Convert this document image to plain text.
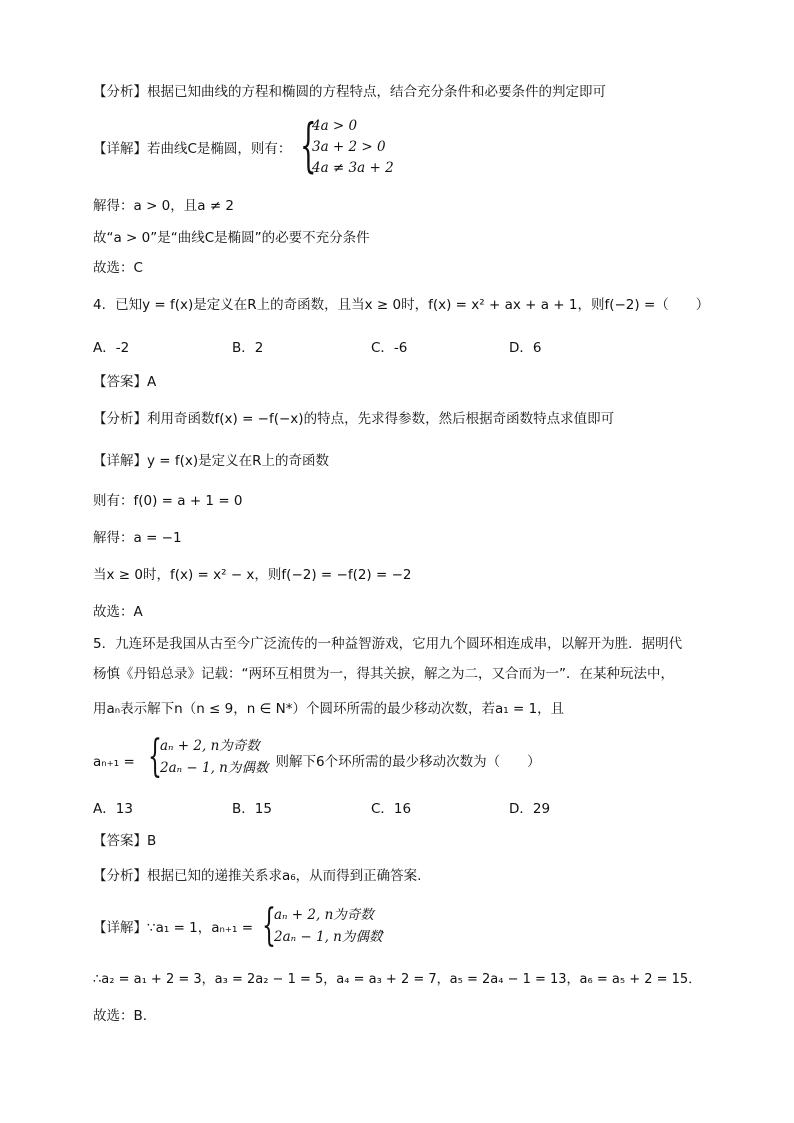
【分析】根据已知曲线的方程和椭圆的方程特点，结合充分条件和必要条件的判定即可
【详解】若曲线C是椭圆，则有： {
4a > 0
3a + 2 > 0
4a ≠ 3a + 2
解得：a > 0，且a ≠ 2
故“a > 0”是“曲线C是椭圆”的必要不充分条件
故选：C
4．已知y = f(x)是定义在R上的奇函数，且当x ≥ 0时，f(x) = x² + ax + a + 1，则f(−2) =（　　）
A．-2	B．2	C．-6	D．6
【答案】A
【分析】利用奇函数f(x) = −f(−x)的特点，先求得参数，然后根据奇函数特点求值即可
【详解】y = f(x)是定义在R上的奇函数
则有：f(0) = a + 1 = 0
解得：a = −1
当x ≥ 0时，f(x) = x² − x，则f(−2) = −f(2) = −2
故选：A
5．九连环是我国从古至今广泛流传的一种益智游戏，它用九个圆环相连成串，以解开为胜．据明代
杨慎《丹铅总录》记载：“两环互相贯为一，得其关捩，解之为二，又合而为一”．在某种玩法中，
用aₙ表示解下n（n ≤ 9，n ∈ N*）个圆环所需的最少移动次数，若a₁ = 1，且
aₙ₊₁ = {
aₙ + 2, n为奇数
2aₙ − 1, n为偶数
，则解下6个环所需的最少移动次数为（　　）
A．13	B．15	C．16	D．29
【答案】B
【分析】根据已知的递推关系求a₆，从而得到正确答案.
【详解】∵a₁ = 1，aₙ₊₁ = {
aₙ + 2, n为奇数
2aₙ − 1, n为偶数
，
∴a₂ = a₁ + 2 = 3，a₃ = 2a₂ − 1 = 5，a₄ = a₃ + 2 = 7，a₅ = 2a₄ − 1 = 13，a₆ = a₅ + 2 = 15．
故选：B.
